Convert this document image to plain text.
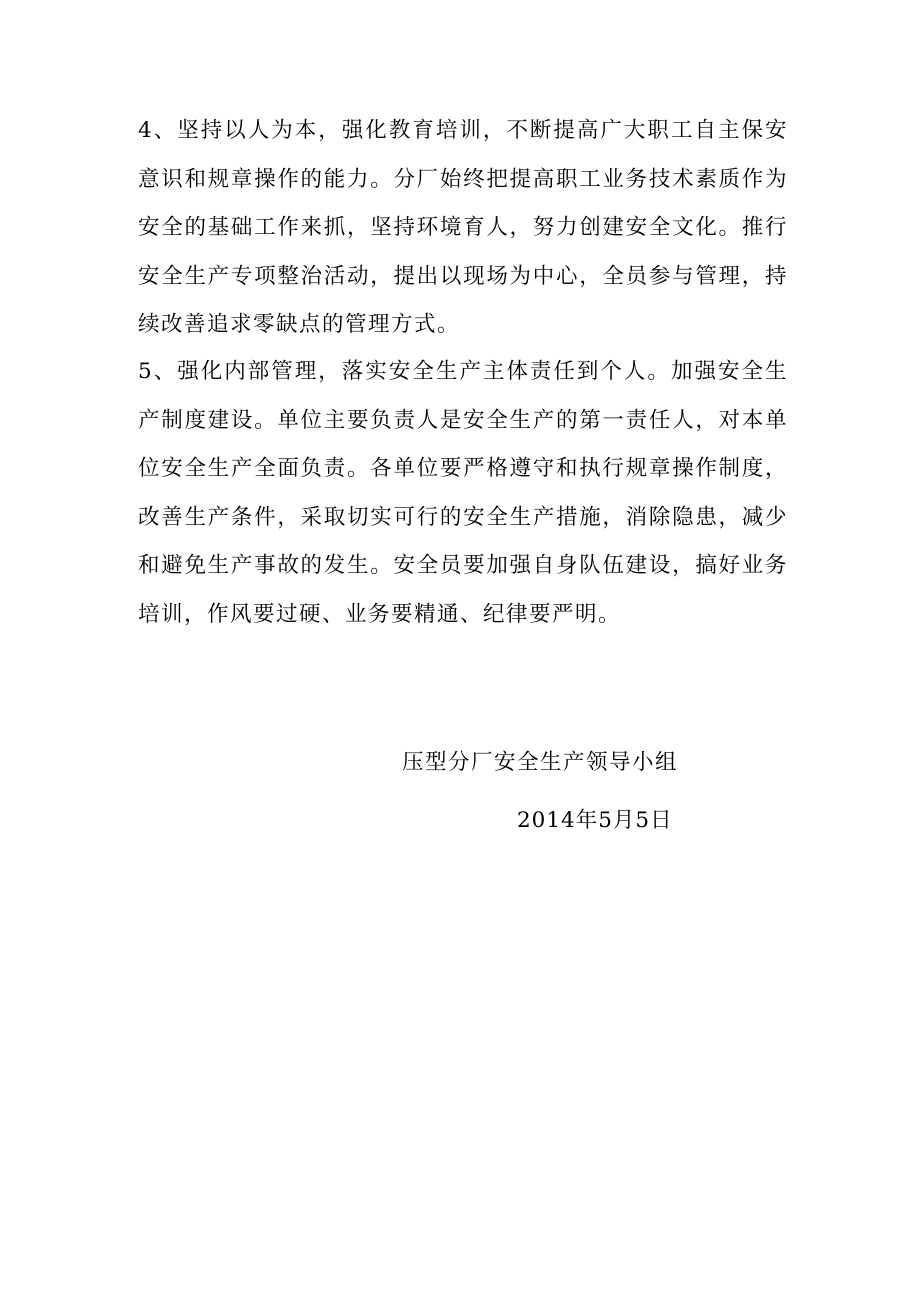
4、坚持以人为本，强化教育培训，不断提高广大职工自主保安意识和规章操作的能力。分厂始终把提高职工业务技术素质作为安全的基础工作来抓，坚持环境育人，努力创建安全文化。推行安全生产专项整治活动，提出以现场为中心，全员参与管理，持续改善追求零缺点的管理方式。

5、强化内部管理，落实安全生产主体责任到个人。加强安全生产制度建设。单位主要负责人是安全生产的第一责任人，对本单位安全生产全面负责。各单位要严格遵守和执行规章操作制度，改善生产条件，采取切实可行的安全生产措施，消除隐患，减少和避免生产事故的发生。安全员要加强自身队伍建设，搞好业务培训，作风要过硬、业务要精通、纪律要严明。

压型分厂安全生产领导小组

2014年5月5日
